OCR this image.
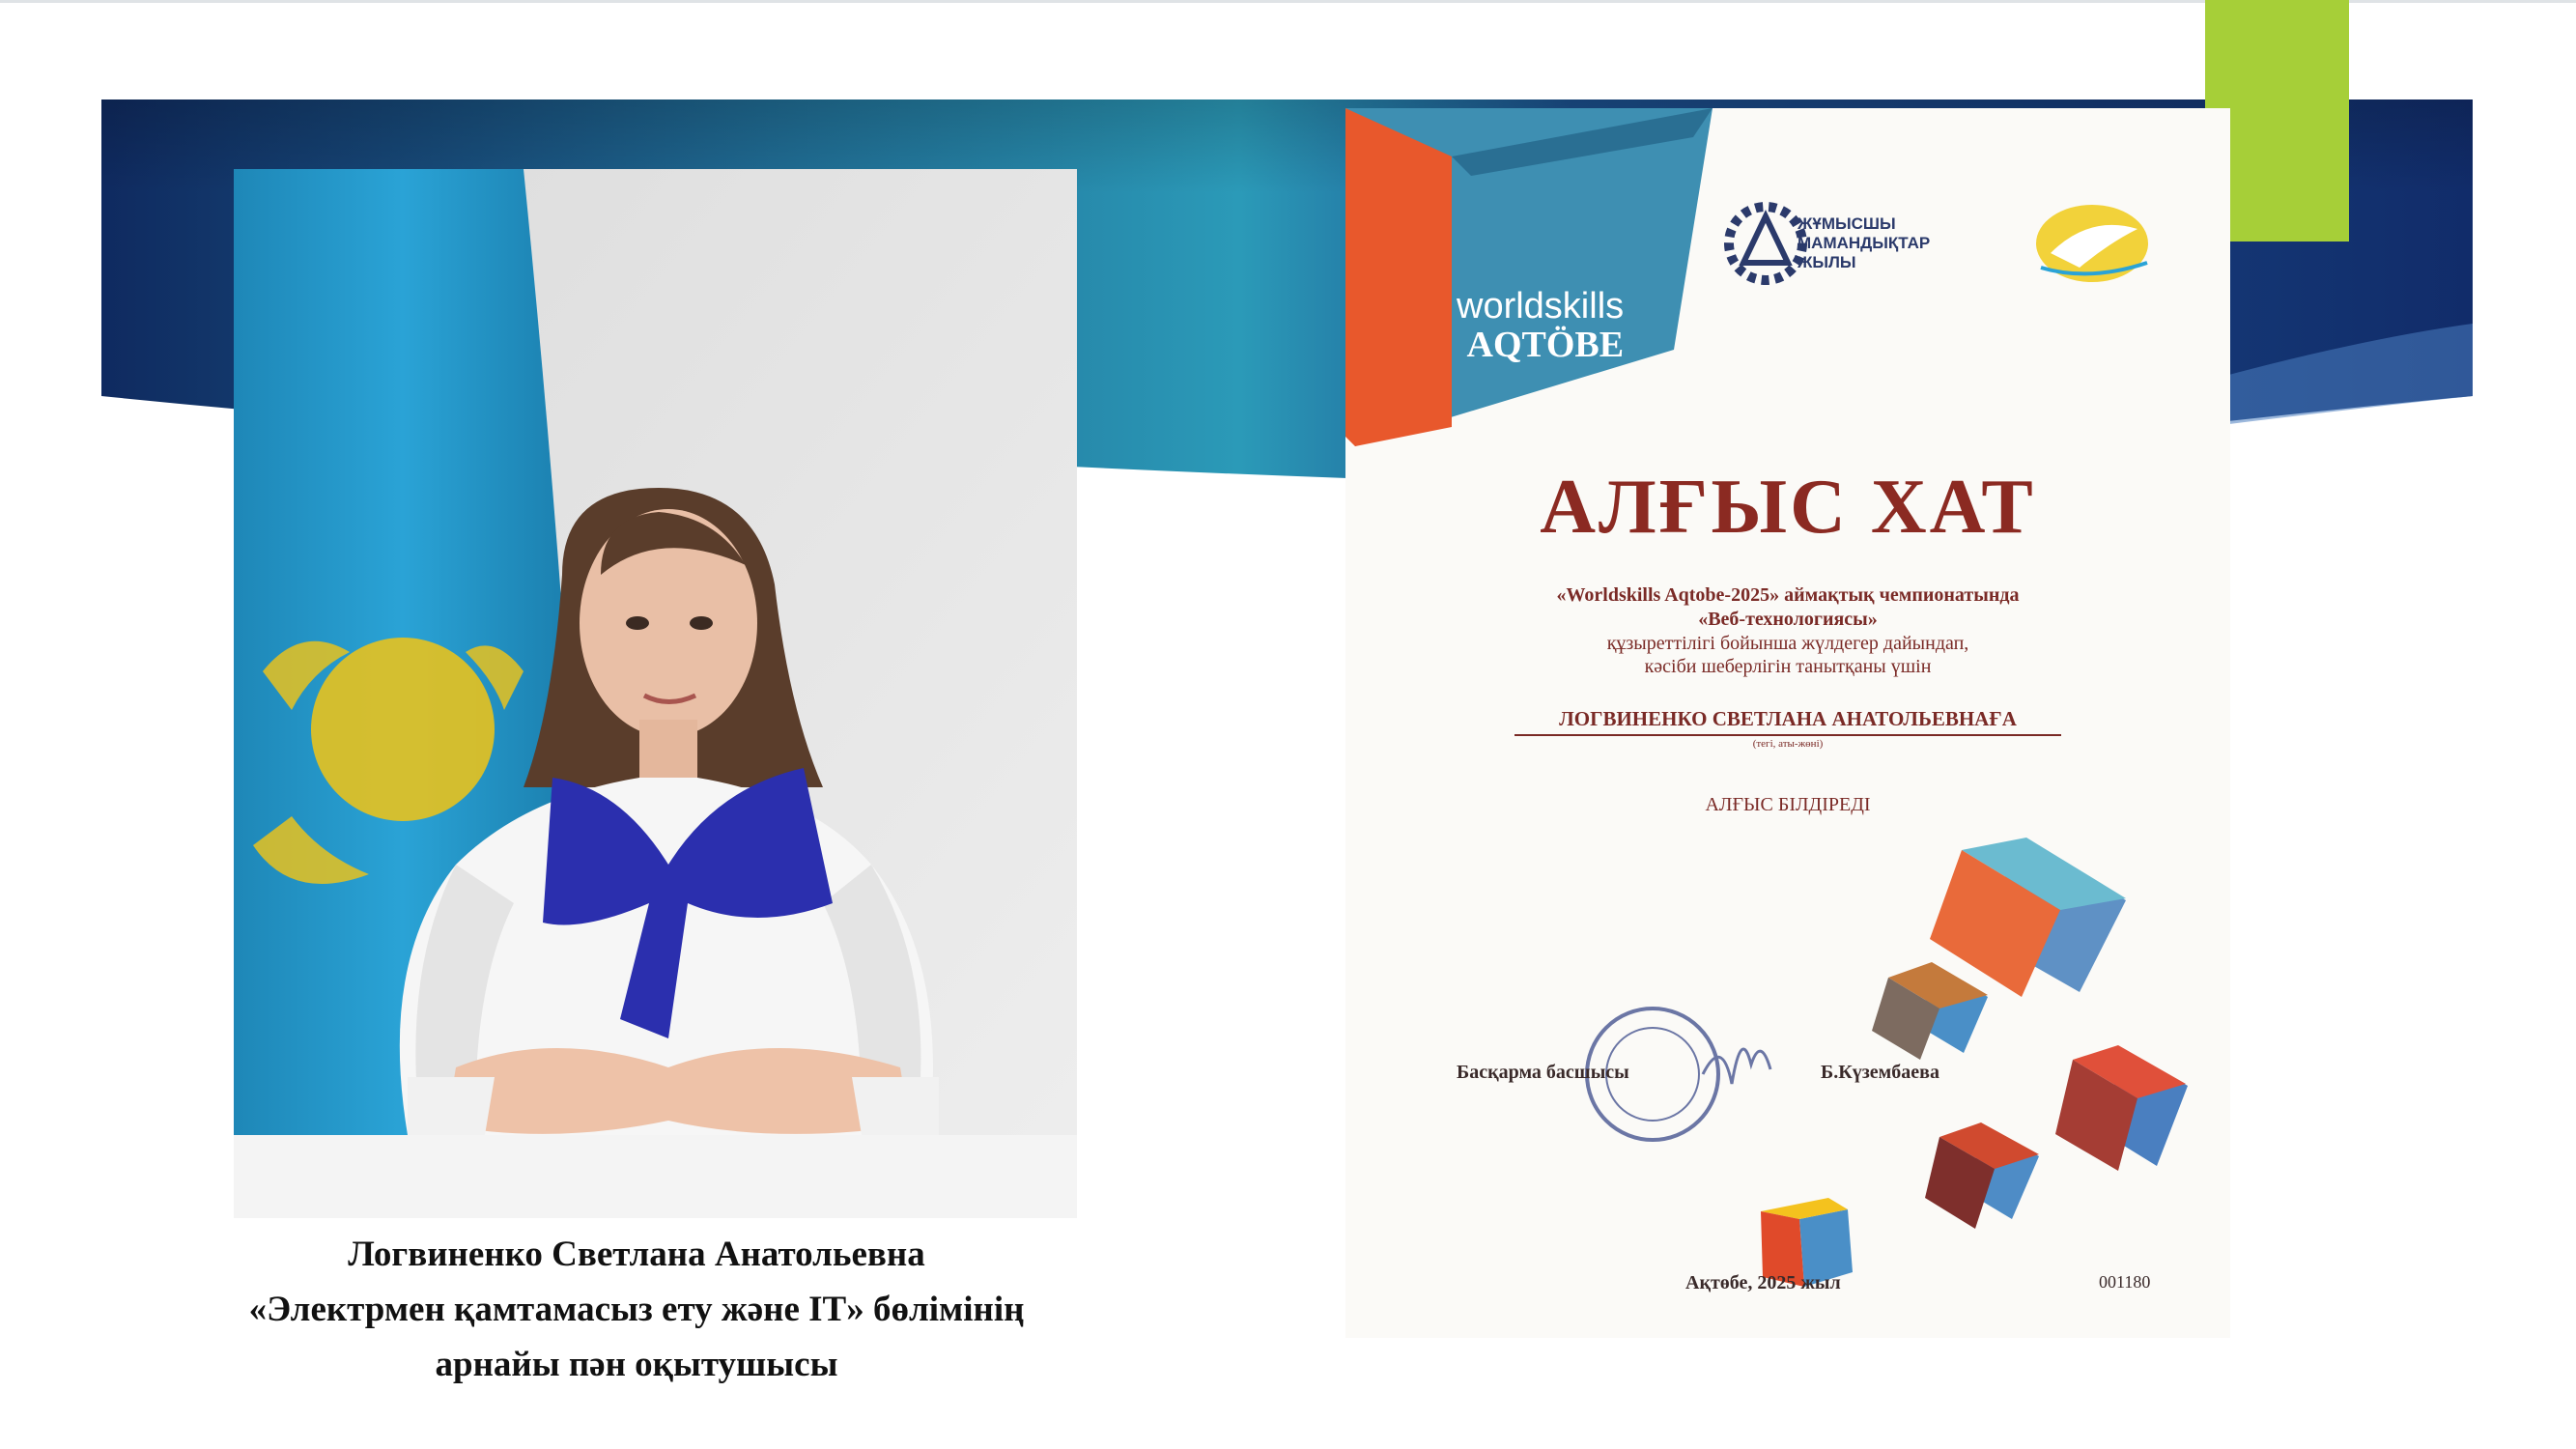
Логвиненко Светлана Анатольевна
«Электрмен қамтамасыз ету және IT» бөлімінің
арнайы пән оқытушысы
worldskills
AQTÖBE
ЖҰМЫСШЫ
МАМАНДЫҚТАР
ЖЫЛЫ
АЛҒЫС ХАТ
«Worldskills Aqtobe-2025» аймақтық чемпионатында
«Веб-технологиясы»
құзыреттілігі бойынша жүлдегер дайындап,
кәсіби шеберлігін танытқаны үшін
ЛОГВИНЕНКО СВЕТЛАНА АНАТОЛЬЕВНАҒА
(тегі, аты-жөні)
АЛҒЫС БІЛДІРЕДІ
Басқарма басшысы	Б.Күзембаева
Ақтөбе, 2025 жыл	001180
